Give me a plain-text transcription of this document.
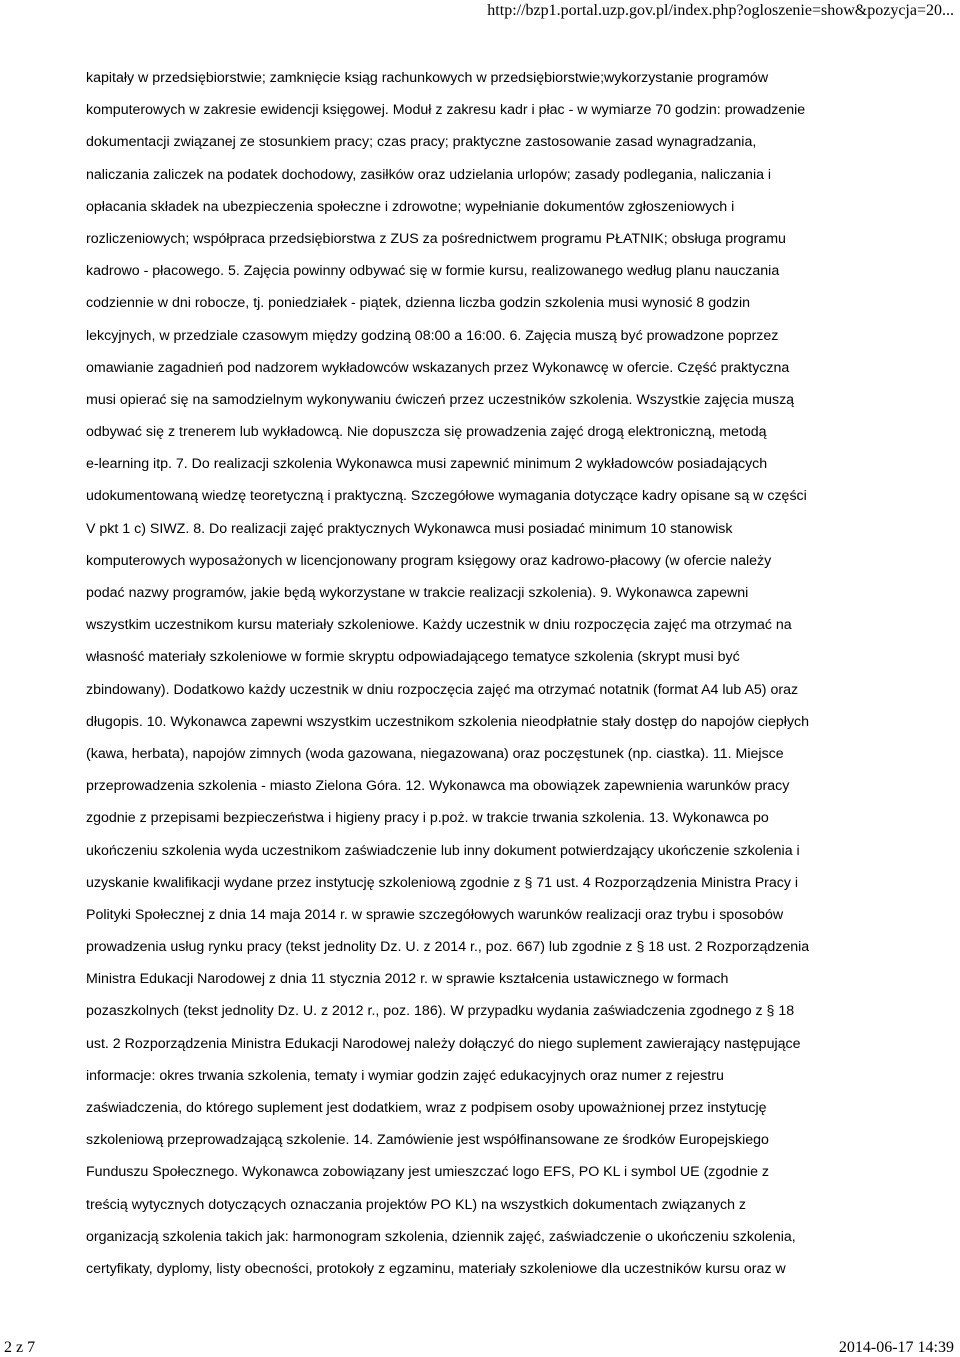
http://bzp1.portal.uzp.gov.pl/index.php?ogloszenie=show&pozycja=20...
kapitały w przedsiębiorstwie; zamknięcie ksiąg rachunkowych w przedsiębiorstwie;wykorzystanie programów
komputerowych w zakresie ewidencji księgowej. Moduł z zakresu kadr i płac - w wymiarze 70 godzin: prowadzenie
dokumentacji związanej ze stosunkiem pracy; czas pracy; praktyczne zastosowanie zasad wynagradzania,
naliczania zaliczek na podatek dochodowy, zasiłków oraz udzielania urlopów; zasady podlegania, naliczania i
opłacania składek na ubezpieczenia społeczne i zdrowotne; wypełnianie dokumentów zgłoszeniowych i
rozliczeniowych; współpraca przedsiębiorstwa z ZUS za pośrednictwem programu PŁATNIK; obsługa programu
kadrowo - płacowego. 5. Zajęcia powinny odbywać się w formie kursu, realizowanego według planu nauczania
codziennie w dni robocze, tj. poniedziałek - piątek, dzienna liczba godzin szkolenia musi wynosić 8 godzin
lekcyjnych, w przedziale czasowym między godziną 08:00 a 16:00. 6. Zajęcia muszą być prowadzone poprzez
omawianie zagadnień pod nadzorem wykładowców wskazanych przez Wykonawcę w ofercie. Część praktyczna
musi opierać się na samodzielnym wykonywaniu ćwiczeń przez uczestników szkolenia. Wszystkie zajęcia muszą
odbywać się z trenerem lub wykładowcą. Nie dopuszcza się prowadzenia zajęć drogą elektroniczną, metodą
e-learning itp. 7. Do realizacji szkolenia Wykonawca musi zapewnić minimum 2 wykładowców posiadających
udokumentowaną wiedzę teoretyczną i praktyczną. Szczegółowe wymagania dotyczące kadry opisane są w części
V pkt 1 c) SIWZ. 8. Do realizacji zajęć praktycznych Wykonawca musi posiadać minimum 10 stanowisk
komputerowych wyposażonych w licencjonowany program księgowy oraz kadrowo-płacowy (w ofercie należy
podać nazwy programów, jakie będą wykorzystane w trakcie realizacji szkolenia). 9. Wykonawca zapewni
wszystkim uczestnikom kursu materiały szkoleniowe. Każdy uczestnik w dniu rozpoczęcia zajęć ma otrzymać na
własność materiały szkoleniowe w formie skryptu odpowiadającego tematyce szkolenia (skrypt musi być
zbindowany). Dodatkowo każdy uczestnik w dniu rozpoczęcia zajęć ma otrzymać notatnik (format A4 lub A5) oraz
długopis. 10. Wykonawca zapewni wszystkim uczestnikom szkolenia nieodpłatnie stały dostęp do napojów ciepłych
(kawa, herbata), napojów zimnych (woda gazowana, niegazowana) oraz poczęstunek (np. ciastka). 11. Miejsce
przeprowadzenia szkolenia - miasto Zielona Góra. 12. Wykonawca ma obowiązek zapewnienia warunków pracy
zgodnie z przepisami bezpieczeństwa i higieny pracy i p.poż. w trakcie trwania szkolenia. 13. Wykonawca po
ukończeniu szkolenia wyda uczestnikom zaświadczenie lub inny dokument potwierdzający ukończenie szkolenia i
uzyskanie kwalifikacji wydane przez instytucję szkoleniową zgodnie z § 71 ust. 4 Rozporządzenia Ministra Pracy i
Polityki Społecznej z dnia 14 maja 2014 r. w sprawie szczegółowych warunków realizacji oraz trybu i sposobów
prowadzenia usług rynku pracy (tekst jednolity Dz. U. z 2014 r., poz. 667) lub zgodnie z § 18 ust. 2 Rozporządzenia
Ministra Edukacji Narodowej z dnia 11 stycznia 2012 r. w sprawie kształcenia ustawicznego w formach
pozaszkolnych (tekst jednolity Dz. U. z 2012 r., poz. 186). W przypadku wydania zaświadczenia zgodnego z § 18
ust. 2 Rozporządzenia Ministra Edukacji Narodowej należy dołączyć do niego suplement zawierający następujące
informacje: okres trwania szkolenia, tematy i wymiar godzin zajęć edukacyjnych oraz numer z rejestru
zaświadczenia, do którego suplement jest dodatkiem, wraz z podpisem osoby upoważnionej przez instytucję
szkoleniową przeprowadzającą szkolenie. 14. Zamówienie jest współfinansowane ze środków Europejskiego
Funduszu Społecznego. Wykonawca zobowiązany jest umieszczać logo EFS, PO KL i symbol UE (zgodnie z
treścią wytycznych dotyczących oznaczania projektów PO KL) na wszystkich dokumentach związanych z
organizacją szkolenia takich jak: harmonogram szkolenia, dziennik zajęć, zaświadczenie o ukończeniu szkolenia,
certyfikaty, dyplomy, listy obecności, protokoły z egzaminu, materiały szkoleniowe dla uczestników kursu oraz w
2 z 7	2014-06-17 14:39
